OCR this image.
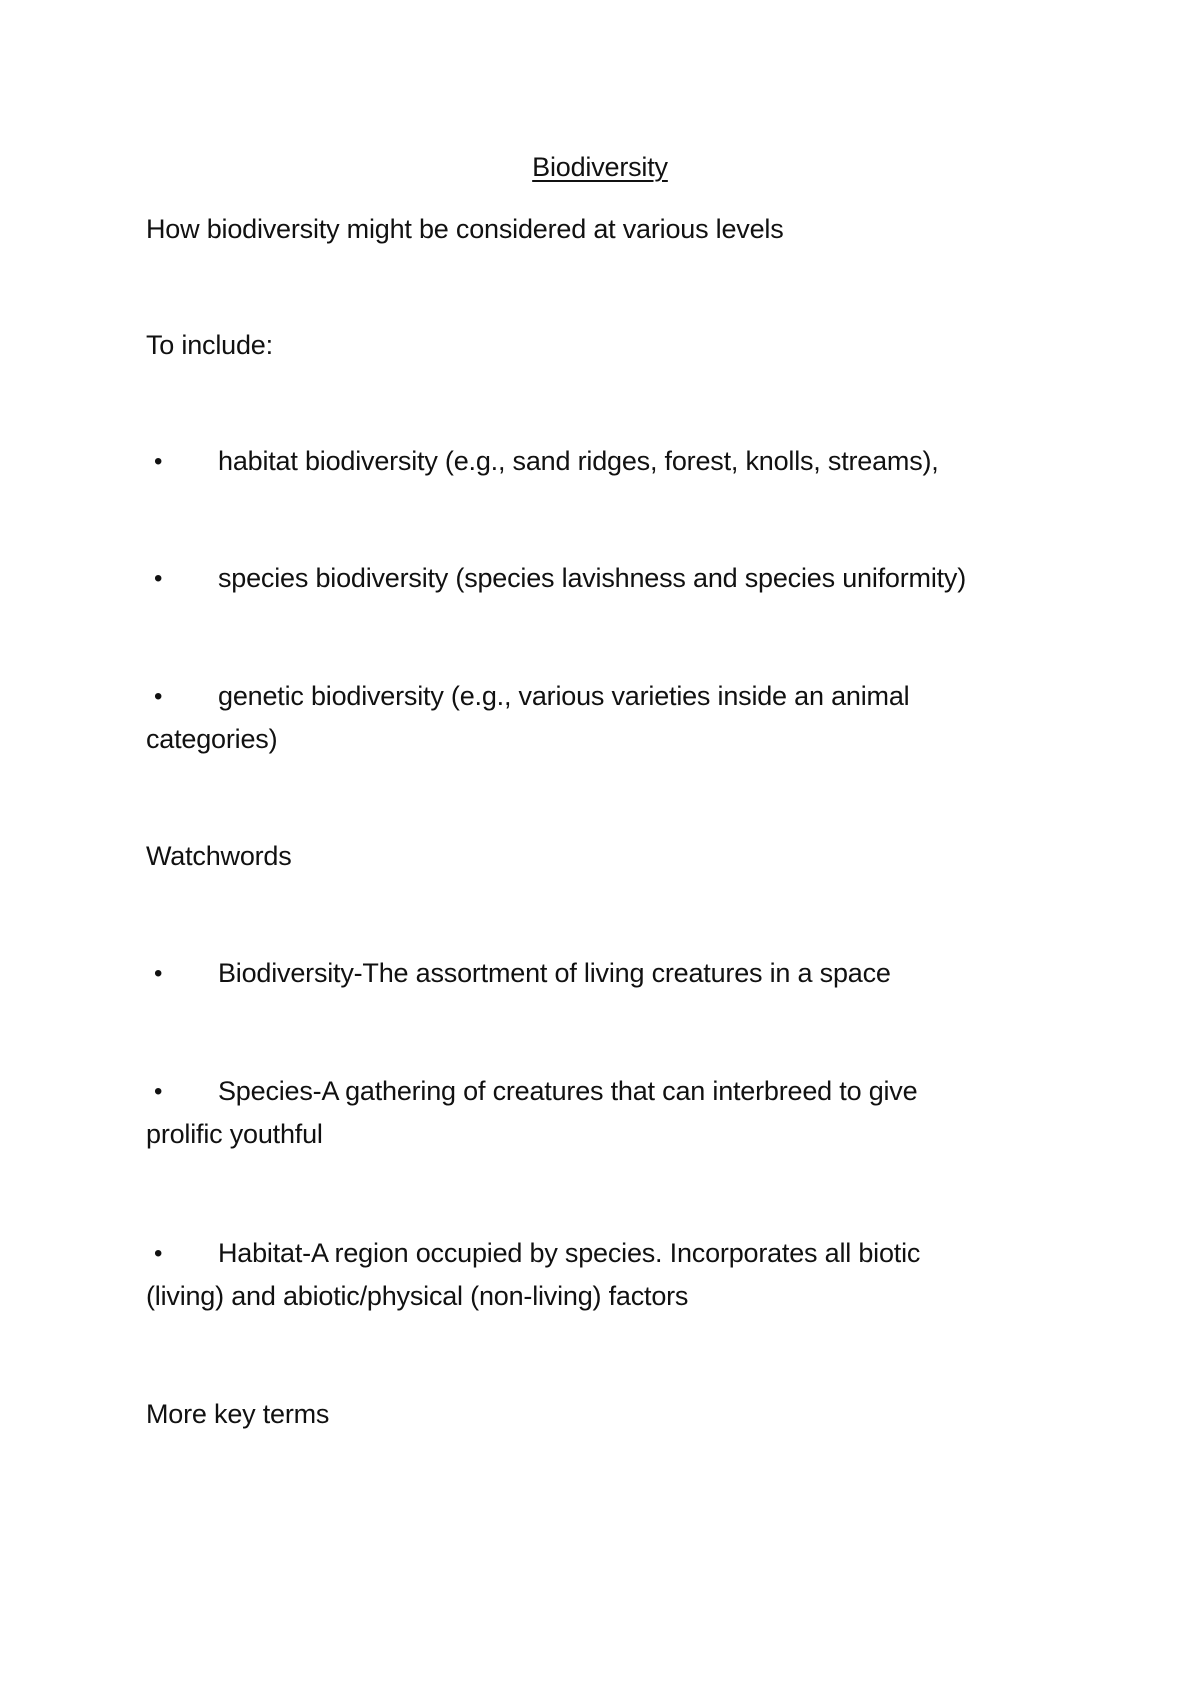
Biodiversity
How biodiversity might be considered at various levels
To include:
•	habitat biodiversity (e.g., sand ridges, forest, knolls, streams),
•	species biodiversity (species lavishness and species uniformity)
•	genetic biodiversity (e.g., various varieties inside an animal
categories)
Watchwords
•	Biodiversity-The assortment of living creatures in a space
•	Species-A gathering of creatures that can interbreed to give
prolific youthful
•	Habitat-A region occupied by species. Incorporates all biotic
(living) and abiotic/physical (non-living) factors
More key terms
